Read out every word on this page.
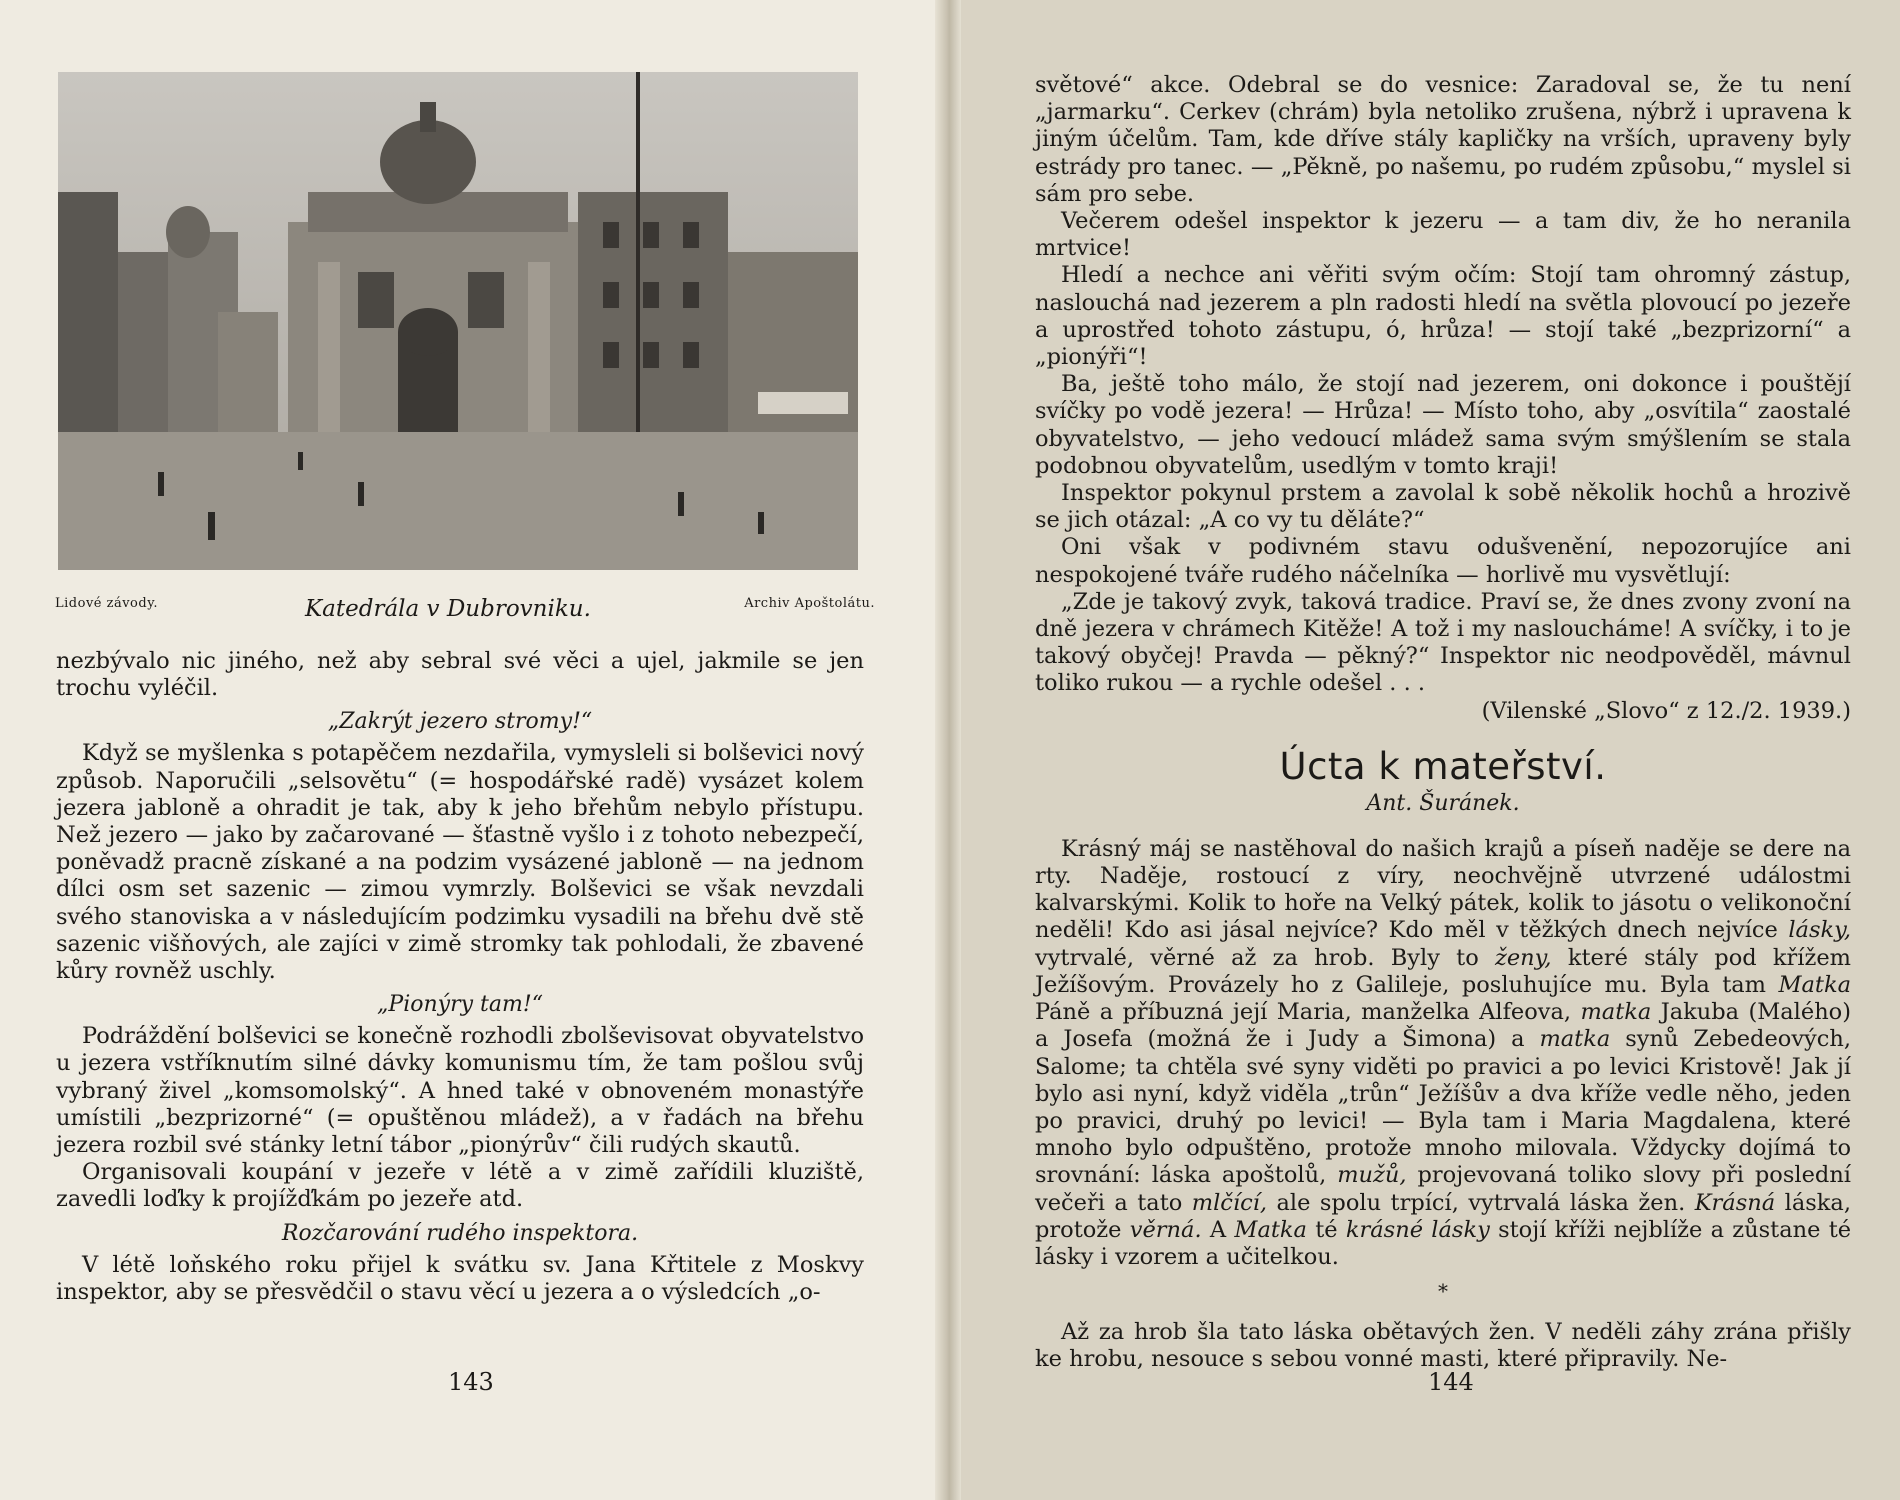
Lidové závody.	Katedrála v Dubrovniku.	Archiv Apoštolátu.

nezbývalo nic jiného, než aby sebral své věci a ujel, jakmile se jen trochu vyléčil.

„Zakrýt jezero stromy!“

Když se myšlenka s potapěčem nezdařila, vymysleli si bolševici nový způsob. Naporučili „selsovětu“ (= hospodářské radě) vysázet kolem jezera jabloně a ohradit je tak, aby k jeho břehům nebylo přístupu. Než jezero — jako by začarované — šťastně vyšlo i z tohoto nebezpečí, poněvadž pracně získané a na podzim vysázené jabloně — na jednom dílci osm set sazenic — zimou vymrzly. Bolševici se však nevzdali svého stanoviska a v následujícím podzimku vysadili na břehu dvě stě sazenic višňových, ale zajíci v zimě stromky tak pohlodali, že zbavené kůry rovněž uschly.

„Pionýry tam!“

Podráždění bolševici se konečně rozhodli zbolševisovat obyvatelstvo u jezera vstříknutím silné dávky komunismu tím, že tam pošlou svůj vybraný živel „komsomolský“. A hned také v obnoveném monastýře umístili „bezprizorné“ (= opuštěnou mládež), a v řadách na břehu jezera rozbil své stánky letní tábor „pionýrův“ čili rudých skautů.

Organisovali koupání v jezeře v létě a v zimě zařídili kluziště, zavedli loďky k projížďkám po jezeře atd.

Rozčarování rudého inspektora.

V létě loňského roku přijel k svátku sv. Jana Křtitele z Moskvy inspektor, aby se přesvědčil o stavu věcí u jezera a o výsledcích „o-

143

světové“ akce. Odebral se do vesnice: Zaradoval se, že tu není „jarmarku“. Cerkev (chrám) byla netoliko zrušena, nýbrž i upravena k jiným účelům. Tam, kde dříve stály kapličky na vrších, upraveny byly estrády pro tanec. — „Pěkně, po našemu, po rudém způsobu,“ myslel si sám pro sebe.

Večerem odešel inspektor k jezeru — a tam div, že ho neranila mrtvice!

Hledí a nechce ani věřiti svým očím: Stojí tam ohromný zástup, naslouchá nad jezerem a pln radosti hledí na světla plovoucí po jezeře a uprostřed tohoto zástupu, ó, hrůza! — stojí také „bezprizorní“ a „pionýři“!

Ba, ještě toho málo, že stojí nad jezerem, oni dokonce i pouštějí svíčky po vodě jezera! — Hrůza! — Místo toho, aby „osvítila“ zaostalé obyvatelstvo, — jeho vedoucí mládež sama svým smýšlením se stala podobnou obyvatelům, usedlým v tomto kraji!

Inspektor pokynul prstem a zavolal k sobě několik hochů a hrozivě se jich otázal: „A co vy tu děláte?“

Oni však v podivném stavu odušvenění, nepozorujíce ani nespokojené tváře rudého náčelníka — horlivě mu vysvětlují:

„Zde je takový zvyk, taková tradice. Praví se, že dnes zvony zvoní na dně jezera v chrámech Kitěže! A tož i my nasloucháme! A svíčky, i to je takový obyčej! Pravda — pěkný?“ Inspektor nic neodpověděl, mávnul toliko rukou — a rychle odešel . . .

(Vilenské „Slovo“ z 12./2. 1939.)

Úcta k mateřství.
Ant. Šuránek.

Krásný máj se nastěhoval do našich krajů a píseň naděje se dere na rty. Naděje, rostoucí z víry, neochvějně utvrzené událostmi kalvarskými. Kolik to hoře na Velký pátek, kolik to jásotu o velikonoční neděli! Kdo asi jásal nejvíce? Kdo měl v těžkých dnech nejvíce lásky, vytrvalé, věrné až za hrob. Byly to ženy, které stály pod křížem Ježíšovým. Provázely ho z Galileje, posluhujíce mu. Byla tam Matka Páně a příbuzná její Maria, manželka Alfeova, matka Jakuba (Malého) a Josefa (možná že i Judy a Šimona) a matka synů Zebedeových, Salome; ta chtěla své syny viděti po pravici a po levici Kristově! Jak jí bylo asi nyní, když viděla „trůn“ Ježíšův a dva kříže vedle něho, jeden po pravici, druhý po levici! — Byla tam i Maria Magdalena, které mnoho bylo odpuštěno, protože mnoho milovala. Vždycky dojímá to srovnání: láska apoštolů, mužů, projevovaná toliko slovy při poslední večeři a tato mlčící, ale spolu trpící, vytrvalá láska žen. Krásná láska, protože věrná. A Matka té krásné lásky stojí kříži nejblíže a zůstane té lásky i vzorem a učitelkou.

*

Až za hrob šla tato láska obětavých žen. V neděli záhy zrána přišly ke hrobu, nesouce s sebou vonné masti, které připravily. Ne-

144
